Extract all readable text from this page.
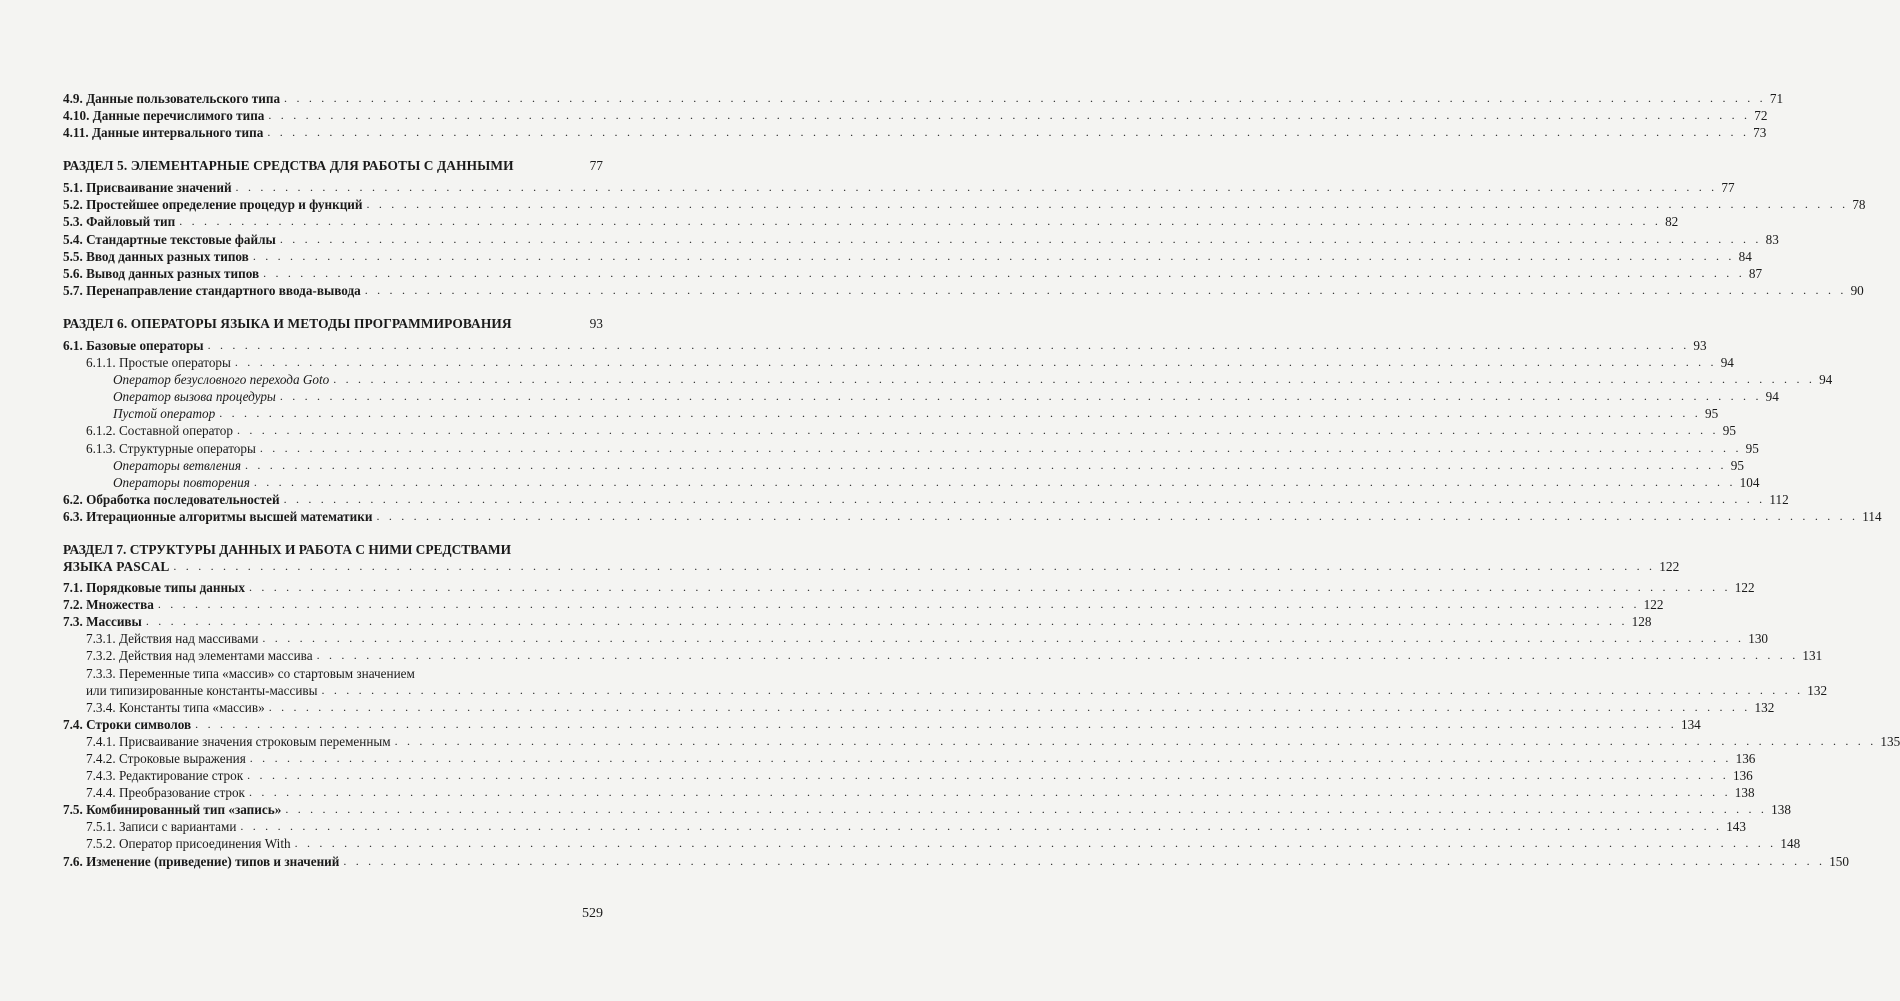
4.9. Данные пользовательского типа . . . . . . . . . . . . . . . . . . . . . . . . . . . . . . . . . . . . . . . . . . . . . . . . . . . . . . . . . . . . . . . . . . . . . . . . . . . . . . . . . . . . . . . . . . . . . . . . . . . . . . . . . . . . . . . . . . . . . . . . 71
4.10. Данные перечислимого типа . . . . . . . . . . . . . . . . . . . . . . . . . . . . . . . . . . . . . . . . . . . . . . . . . . . . . . . . . . . . . . . . . . . . . . . . . . . . . . . . . . . . . . . . . . . . . . . . . . . . . . . . . . . . . . . . . . . . . . . . 72
4.11. Данные интервального типа . . . . . . . . . . . . . . . . . . . . . . . . . . . . . . . . . . . . . . . . . . . . . . . . . . . . . . . . . . . . . . . . . . . . . . . . . . . . . . . . . . . . . . . . . . . . . . . . . . . . . . . . . . . . . . . . . . . . . . . . 73
РАЗДЕЛ 5. ЭЛЕМЕНТАРНЫЕ СРЕДСТВА ДЛЯ РАБОТЫ С ДАННЫМИ	77
5.1. Присваивание значений . . . . . . . . . . . . . . . . . . . . . . . . . . . . . . . . . . . . . . . . . . . . . . . . . . . . . . . . . . . . . . . . . . . . . . . . . . . . . . . . . . . . . . . . . . . . . . . . . . . . . . . . . . . . . . . . . . . . . . . . 77
5.2. Простейшее определение процедур и функций . . . . . . . . . . . . . . . . . . . . . . . . . . . . . . . . . . . . . . . . . . . . . . . . . . . . . . . . . . . . . . . . . . . . . . . . . . . . . . . . . . . . . . . . . . . . . . . . . . . . . . . . . . . . . . . . . . . . . . . . 78
5.3. Файловый тип . . . . . . . . . . . . . . . . . . . . . . . . . . . . . . . . . . . . . . . . . . . . . . . . . . . . . . . . . . . . . . . . . . . . . . . . . . . . . . . . . . . . . . . . . . . . . . . . . . . . . . . . . . . . . . . . . . . . . . . . 82
5.4. Стандартные текстовые файлы . . . . . . . . . . . . . . . . . . . . . . . . . . . . . . . . . . . . . . . . . . . . . . . . . . . . . . . . . . . . . . . . . . . . . . . . . . . . . . . . . . . . . . . . . . . . . . . . . . . . . . . . . . . . . . . . . . . . . . . . 83
5.5. Ввод данных разных типов . . . . . . . . . . . . . . . . . . . . . . . . . . . . . . . . . . . . . . . . . . . . . . . . . . . . . . . . . . . . . . . . . . . . . . . . . . . . . . . . . . . . . . . . . . . . . . . . . . . . . . . . . . . . . . . . . . . . . . . . 84
5.6. Вывод данных разных типов . . . . . . . . . . . . . . . . . . . . . . . . . . . . . . . . . . . . . . . . . . . . . . . . . . . . . . . . . . . . . . . . . . . . . . . . . . . . . . . . . . . . . . . . . . . . . . . . . . . . . . . . . . . . . . . . . . . . . . . . 87
5.7. Перенаправление стандартного ввода-вывода . . . . . . . . . . . . . . . . . . . . . . . . . . . . . . . . . . . . . . . . . . . . . . . . . . . . . . . . . . . . . . . . . . . . . . . . . . . . . . . . . . . . . . . . . . . . . . . . . . . . . . . . . . . . . . . . . . . . . . . . 90
РАЗДЕЛ 6. ОПЕРАТОРЫ ЯЗЫКА И МЕТОДЫ ПРОГРАММИРОВАНИЯ	93
6.1. Базовые операторы . . . . . . . . . . . . . . . . . . . . . . . . . . . . . . . . . . . . . . . . . . . . . . . . . . . . . . . . . . . . . . . . . . . . . . . . . . . . . . . . . . . . . . . . . . . . . . . . . . . . . . . . . . . . . . . . . . . . . . . . 93
6.1.1. Простые операторы . . . . . . . . . . . . . . . . . . . . . . . . . . . . . . . . . . . . . . . . . . . . . . . . . . . . . . . . . . . . . . . . . . . . . . . . . . . . . . . . . . . . . . . . . . . . . . . . . . . . . . . . . . . . . . . . . . . . . . . . 94
Оператор безусловного перехода Goto . . . . . . . . . . . . . . . . . . . . . . . . . . . . . . . . . . . . . . . . . . . . . . . . . . . . . . . . . . . . . . . . . . . . . . . . . . . . . . . . . . . . . . . . . . . . . . . . . . . . . . . . . . . . . . . . . . . . . . . . 94
Оператор вызова процедуры . . . . . . . . . . . . . . . . . . . . . . . . . . . . . . . . . . . . . . . . . . . . . . . . . . . . . . . . . . . . . . . . . . . . . . . . . . . . . . . . . . . . . . . . . . . . . . . . . . . . . . . . . . . . . . . . . . . . . . . . 94
Пустой оператор . . . . . . . . . . . . . . . . . . . . . . . . . . . . . . . . . . . . . . . . . . . . . . . . . . . . . . . . . . . . . . . . . . . . . . . . . . . . . . . . . . . . . . . . . . . . . . . . . . . . . . . . . . . . . . . . . . . . . . . . 95
6.1.2. Составной оператор . . . . . . . . . . . . . . . . . . . . . . . . . . . . . . . . . . . . . . . . . . . . . . . . . . . . . . . . . . . . . . . . . . . . . . . . . . . . . . . . . . . . . . . . . . . . . . . . . . . . . . . . . . . . . . . . . . . . . . . . 95
6.1.3. Структурные операторы . . . . . . . . . . . . . . . . . . . . . . . . . . . . . . . . . . . . . . . . . . . . . . . . . . . . . . . . . . . . . . . . . . . . . . . . . . . . . . . . . . . . . . . . . . . . . . . . . . . . . . . . . . . . . . . . . . . . . . . . 95
Операторы ветвления . . . . . . . . . . . . . . . . . . . . . . . . . . . . . . . . . . . . . . . . . . . . . . . . . . . . . . . . . . . . . . . . . . . . . . . . . . . . . . . . . . . . . . . . . . . . . . . . . . . . . . . . . . . . . . . . . . . . . . . . 95
Операторы повторения . . . . . . . . . . . . . . . . . . . . . . . . . . . . . . . . . . . . . . . . . . . . . . . . . . . . . . . . . . . . . . . . . . . . . . . . . . . . . . . . . . . . . . . . . . . . . . . . . . . . . . . . . . . . . . . . . . . . . . . . 104
6.2. Обработка последовательностей . . . . . . . . . . . . . . . . . . . . . . . . . . . . . . . . . . . . . . . . . . . . . . . . . . . . . . . . . . . . . . . . . . . . . . . . . . . . . . . . . . . . . . . . . . . . . . . . . . . . . . . . . . . . . . . . . . . . . . . . 112
6.3. Итерационные алгоритмы высшей математики . . . . . . . . . . . . . . . . . . . . . . . . . . . . . . . . . . . . . . . . . . . . . . . . . . . . . . . . . . . . . . . . . . . . . . . . . . . . . . . . . . . . . . . . . . . . . . . . . . . . . . . . . . . . . . . . . . . . . . . . 114
РАЗДЕЛ 7. СТРУКТУРЫ ДАННЫХ И РАБОТА С НИМИ СРЕДСТВАМИ
ЯЗЫКА PASCAL . . . . . . . . . . . . . . . . . . . . . . . . . . . . . . . . . . . . . . . . . . . . . . . . . . . . . . . . . . . . . . . . . . . . . . . . . . . . . . . . . . . . . . . . . . . . . . . . . . . . . . . . . . . . . . . . . . . . . . . . 122
7.1. Порядковые типы данных . . . . . . . . . . . . . . . . . . . . . . . . . . . . . . . . . . . . . . . . . . . . . . . . . . . . . . . . . . . . . . . . . . . . . . . . . . . . . . . . . . . . . . . . . . . . . . . . . . . . . . . . . . . . . . . . . . . . . . . . 122
7.2. Множества . . . . . . . . . . . . . . . . . . . . . . . . . . . . . . . . . . . . . . . . . . . . . . . . . . . . . . . . . . . . . . . . . . . . . . . . . . . . . . . . . . . . . . . . . . . . . . . . . . . . . . . . . . . . . . . . . . . . . . . . 122
7.3. Массивы . . . . . . . . . . . . . . . . . . . . . . . . . . . . . . . . . . . . . . . . . . . . . . . . . . . . . . . . . . . . . . . . . . . . . . . . . . . . . . . . . . . . . . . . . . . . . . . . . . . . . . . . . . . . . . . . . . . . . . . . 128
7.3.1. Действия над массивами . . . . . . . . . . . . . . . . . . . . . . . . . . . . . . . . . . . . . . . . . . . . . . . . . . . . . . . . . . . . . . . . . . . . . . . . . . . . . . . . . . . . . . . . . . . . . . . . . . . . . . . . . . . . . . . . . . . . . . . . 130
7.3.2. Действия над элементами массива . . . . . . . . . . . . . . . . . . . . . . . . . . . . . . . . . . . . . . . . . . . . . . . . . . . . . . . . . . . . . . . . . . . . . . . . . . . . . . . . . . . . . . . . . . . . . . . . . . . . . . . . . . . . . . . . . . . . . . . . 131
7.3.3. Переменные типа «массив» со стартовым значением
или типизированные константы-массивы . . . . . . . . . . . . . . . . . . . . . . . . . . . . . . . . . . . . . . . . . . . . . . . . . . . . . . . . . . . . . . . . . . . . . . . . . . . . . . . . . . . . . . . . . . . . . . . . . . . . . . . . . . . . . . . . . . . . . . . . 132
7.3.4. Константы типа «массив» . . . . . . . . . . . . . . . . . . . . . . . . . . . . . . . . . . . . . . . . . . . . . . . . . . . . . . . . . . . . . . . . . . . . . . . . . . . . . . . . . . . . . . . . . . . . . . . . . . . . . . . . . . . . . . . . . . . . . . . . 132
7.4. Строки символов . . . . . . . . . . . . . . . . . . . . . . . . . . . . . . . . . . . . . . . . . . . . . . . . . . . . . . . . . . . . . . . . . . . . . . . . . . . . . . . . . . . . . . . . . . . . . . . . . . . . . . . . . . . . . . . . . . . . . . . . 134
7.4.1. Присваивание значения строковым переменным . . . . . . . . . . . . . . . . . . . . . . . . . . . . . . . . . . . . . . . . . . . . . . . . . . . . . . . . . . . . . . . . . . . . . . . . . . . . . . . . . . . . . . . . . . . . . . . . . . . . . . . . . . . . . . . . . . . . . . . . 135
7.4.2. Строковые выражения . . . . . . . . . . . . . . . . . . . . . . . . . . . . . . . . . . . . . . . . . . . . . . . . . . . . . . . . . . . . . . . . . . . . . . . . . . . . . . . . . . . . . . . . . . . . . . . . . . . . . . . . . . . . . . . . . . . . . . . . 136
7.4.3. Редактирование строк . . . . . . . . . . . . . . . . . . . . . . . . . . . . . . . . . . . . . . . . . . . . . . . . . . . . . . . . . . . . . . . . . . . . . . . . . . . . . . . . . . . . . . . . . . . . . . . . . . . . . . . . . . . . . . . . . . . . . . . . 136
7.4.4. Преобразование строк . . . . . . . . . . . . . . . . . . . . . . . . . . . . . . . . . . . . . . . . . . . . . . . . . . . . . . . . . . . . . . . . . . . . . . . . . . . . . . . . . . . . . . . . . . . . . . . . . . . . . . . . . . . . . . . . . . . . . . . . 138
7.5. Комбинированный тип «запись» . . . . . . . . . . . . . . . . . . . . . . . . . . . . . . . . . . . . . . . . . . . . . . . . . . . . . . . . . . . . . . . . . . . . . . . . . . . . . . . . . . . . . . . . . . . . . . . . . . . . . . . . . . . . . . . . . . . . . . . . 138
7.5.1. Записи с вариантами . . . . . . . . . . . . . . . . . . . . . . . . . . . . . . . . . . . . . . . . . . . . . . . . . . . . . . . . . . . . . . . . . . . . . . . . . . . . . . . . . . . . . . . . . . . . . . . . . . . . . . . . . . . . . . . . . . . . . . . . 143
7.5.2. Оператор присоединения With . . . . . . . . . . . . . . . . . . . . . . . . . . . . . . . . . . . . . . . . . . . . . . . . . . . . . . . . . . . . . . . . . . . . . . . . . . . . . . . . . . . . . . . . . . . . . . . . . . . . . . . . . . . . . . . . . . . . . . . . 148
7.6. Изменение (приведение) типов и значений . . . . . . . . . . . . . . . . . . . . . . . . . . . . . . . . . . . . . . . . . . . . . . . . . . . . . . . . . . . . . . . . . . . . . . . . . . . . . . . . . . . . . . . . . . . . . . . . . . . . . . . . . . . . . . . . . . . . . . . . 150
529
